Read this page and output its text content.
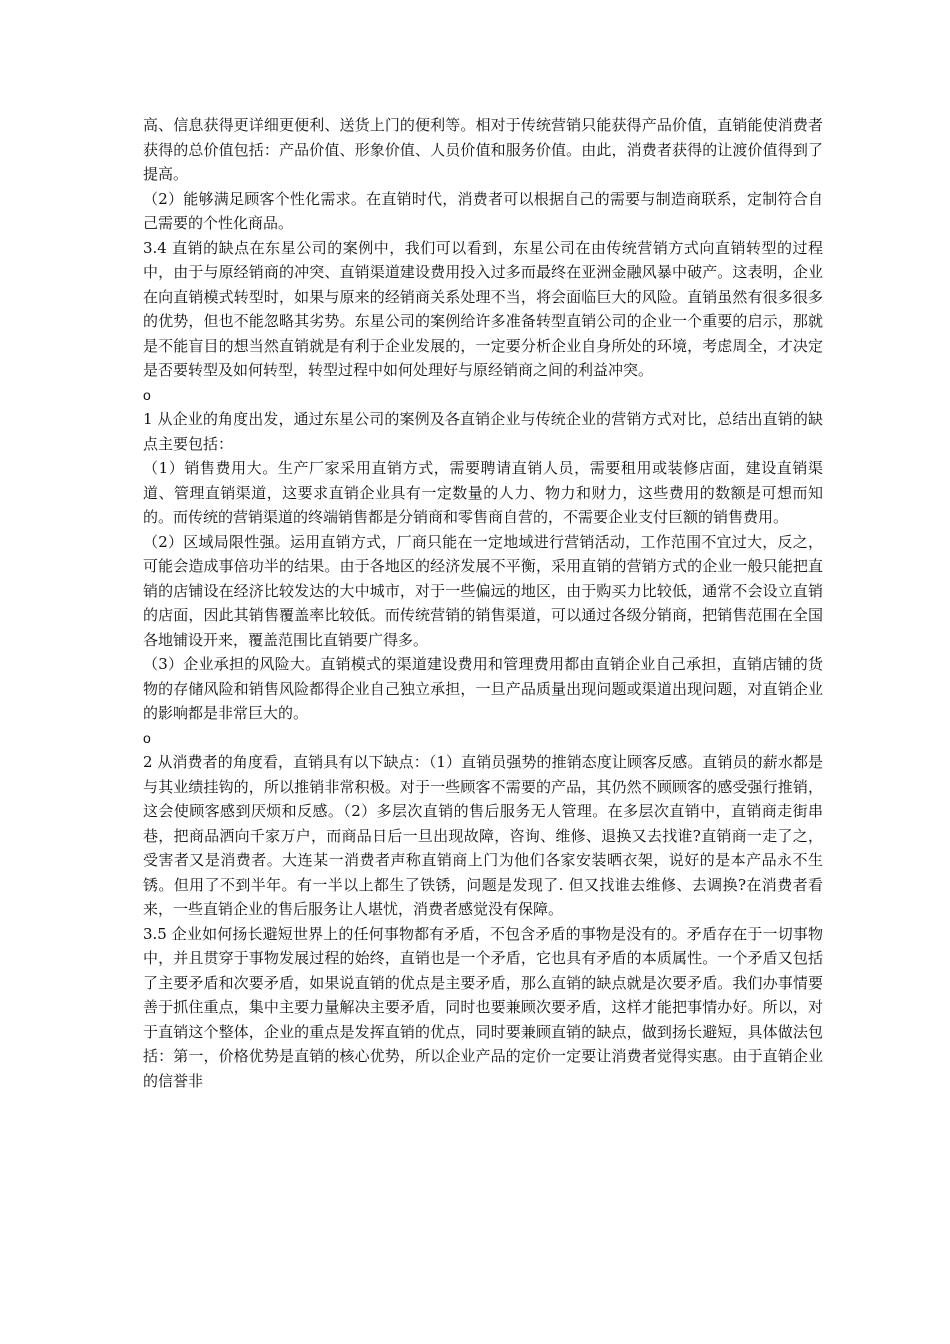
高、信息获得更详细更便利、送货上门的便利等。相对于传统营销只能获得产品价值，直销能使消费者获得的总价值包括：产品价值、形象价值、人员价值和服务价值。由此，消费者获得的让渡价值得到了提高。

（2）能够满足顾客个性化需求。在直销时代，消费者可以根据自己的需要与制造商联系，定制符合自己需要的个性化商品。

3.4 直销的缺点在东星公司的案例中，我们可以看到，东星公司在由传统营销方式向直销转型的过程中，由于与原经销商的冲突、直销渠道建设费用投入过多而最终在亚洲金融风暴中破产。这表明，企业在向直销模式转型时，如果与原来的经销商关系处理不当，将会面临巨大的风险。直销虽然有很多很多的优势，但也不能忽略其劣势。东星公司的案例给许多准备转型直销公司的企业一个重要的启示，那就是不能盲目的想当然直销就是有利于企业发展的，一定要分析企业自身所处的环境，考虑周全，才决定是否要转型及如何转型，转型过程中如何处理好与原经销商之间的利益冲突。

o

1 从企业的角度出发，通过东星公司的案例及各直销企业与传统企业的营销方式对比，总结出直销的缺点主要包括：

（1）销售费用大。生产厂家采用直销方式，需要聘请直销人员，需要租用或装修店面，建设直销渠道、管理直销渠道，这要求直销企业具有一定数量的人力、物力和财力，这些费用的数额是可想而知的。而传统的营销渠道的终端销售都是分销商和零售商自营的，不需要企业支付巨额的销售费用。

（2）区域局限性强。运用直销方式，厂商只能在一定地域进行营销活动，工作范围不宜过大，反之，可能会造成事倍功半的结果。由于各地区的经济发展不平衡，采用直销的营销方式的企业一般只能把直销的店铺设在经济比较发达的大中城市，对于一些偏远的地区，由于购买力比较低，通常不会设立直销的店面，因此其销售覆盖率比较低。而传统营销的销售渠道，可以通过各级分销商，把销售范围在全国各地铺设开来，覆盖范围比直销要广得多。

（3）企业承担的风险大。直销模式的渠道建设费用和管理费用都由直销企业自己承担，直销店铺的货物的存储风险和销售风险都得企业自己独立承担，一旦产品质量出现问题或渠道出现问题，对直销企业的影响都是非常巨大的。

o

2 从消费者的角度看，直销具有以下缺点：（1）直销员强势的推销态度让顾客反感。直销员的薪水都是与其业绩挂钩的，所以推销非常积极。对于一些顾客不需要的产品，其仍然不顾顾客的感受强行推销，这会使顾客感到厌烦和反感。（2）多层次直销的售后服务无人管理。在多层次直销中，直销商走街串巷，把商品洒向千家万户，而商品日后一旦出现故障，咨询、维修、退换又去找谁?直销商一走了之，受害者又是消费者。大连某一消费者声称直销商上门为他们各家安装晒衣架，说好的是本产品永不生锈。但用了不到半年。有一半以上都生了铁锈，问题是发现了. 但又找谁去维修、去调换?在消费者看来，一些直销企业的售后服务让人堪忧，消费者感觉没有保障。

3.5 企业如何扬长避短世界上的任何事物都有矛盾，不包含矛盾的事物是没有的。矛盾存在于一切事物中，并且贯穿于事物发展过程的始终，直销也是一个矛盾，它也具有矛盾的本质属性。一个矛盾又包括了主要矛盾和次要矛盾，如果说直销的优点是主要矛盾，那么直销的缺点就是次要矛盾。我们办事情要善于抓住重点，集中主要力量解决主要矛盾，同时也要兼顾次要矛盾，这样才能把事情办好。所以，对于直销这个整体，企业的重点是发挥直销的优点，同时要兼顾直销的缺点，做到扬长避短，具体做法包括：第一，价格优势是直销的核心优势，所以企业产品的定价一定要让消费者觉得实惠。由于直销企业的信誉非
